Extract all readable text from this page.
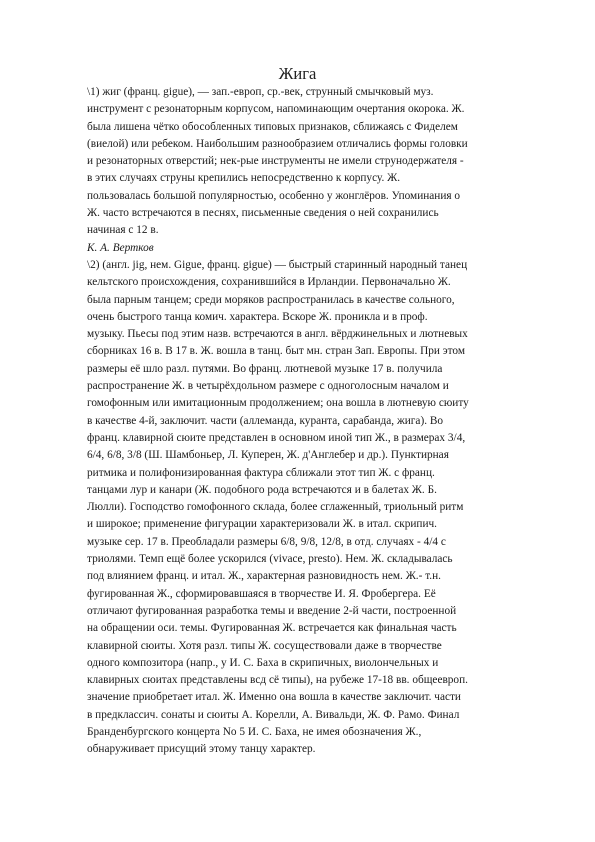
Жига
\1) жиг (франц. gigue), — зап.-европ, ср.-век, струнный смычковый муз.
инструмент с резонаторным корпусом, напоминающим очертания окорока. Ж.
была лишена чётко обособленных типовых признаков, сближаясь с Фиделем
(виелой) или ребеком. Наибольшим разнообразием отличались формы головки
и резонаторных отверстий; нек-рые инструменты не имели струнодержателя -
в этих случаях струны крепились непосредственно к корпусу. Ж.
пользовалась большой популярностью, особенно у жонглёров. Упоминания о
Ж. часто встречаются в песнях, письменные сведения о ней сохранились
начиная с 12 в.
К. А. Вертков
\2) (англ. jig, нем. Gigue, франц. gigue) — быстрый старинный народный танец
кельтского происхождения, сохранившийся в Ирландии. Первоначально Ж.
была парным танцем; среди моряков распространилась в качестве сольного,
очень быстрого танца комич. характера. Вскоре Ж. проникла и в проф.
музыку. Пьесы под этим назв. встречаются в англ. вёрджинельных и лютневых
сборниках 16 в. В 17 в. Ж. вошла в танц. быт мн. стран Зап. Европы. При этом
размеры её шло разл. путями. Во франц. лютневой музыке 17 в. получила
распространение Ж. в четырёхдольном размере с одноголосным началом и
гомофонным или имитационным продолжением; она вошла в лютневую сюиту
в качестве 4-й, заключит. части (аллеманда, куранта, сарабанда, жига). Во
франц. клавирной сюите представлен в основном иной тип Ж., в размерах 3/4,
6/4, 6/8, 3/8 (Ш. Шамбоньер, Л. Куперен, Ж. д'Англебер и др.). Пунктирная
ритмика и полифонизированная фактура сближали этот тип Ж. с франц.
танцами лур и канари (Ж. подобного рода встречаются и в балетах Ж. Б.
Люлли). Господство гомофонного склада, более сглаженный, триольный ритм
и широкое; применение фигурации характеризовали Ж. в итал. скрипич.
музыке сер. 17 в. Преобладали размеры 6/8, 9/8, 12/8, в отд. случаях - 4/4 с
триолями. Темп ещё более ускорился (vivace, presto). Нем. Ж. складывалась
под влиянием франц. и итал. Ж., характерная разновидность нем. Ж.- т.н.
фугированная Ж., сформировавшаяся в творчестве И. Я. Фробергера. Её
отличают фугированная разработка темы и введение 2-й части, построенной
на обращении оси. темы. Фугированная Ж. встречается как финальная часть
клавирной сюиты. Хотя разл. типы Ж. сосуществовали даже в творчестве
одного композитора (напр., у И. С. Баха в скрипичных, виолончельных и
клавирных сюитах представлены вcд cё типы), на рубеже 17-18 вв. общеевроп.
значение приобретает итал. Ж. Именно она вошла в качестве заключит. части
в предклассич. сонаты и сюиты А. Корелли, А. Вивальди, Ж. Ф. Рамо. Финал
Бранденбургского концерта No 5 И. С. Баха, не имея обозначения Ж.,
обнаруживает присущий этому танцу характер.
